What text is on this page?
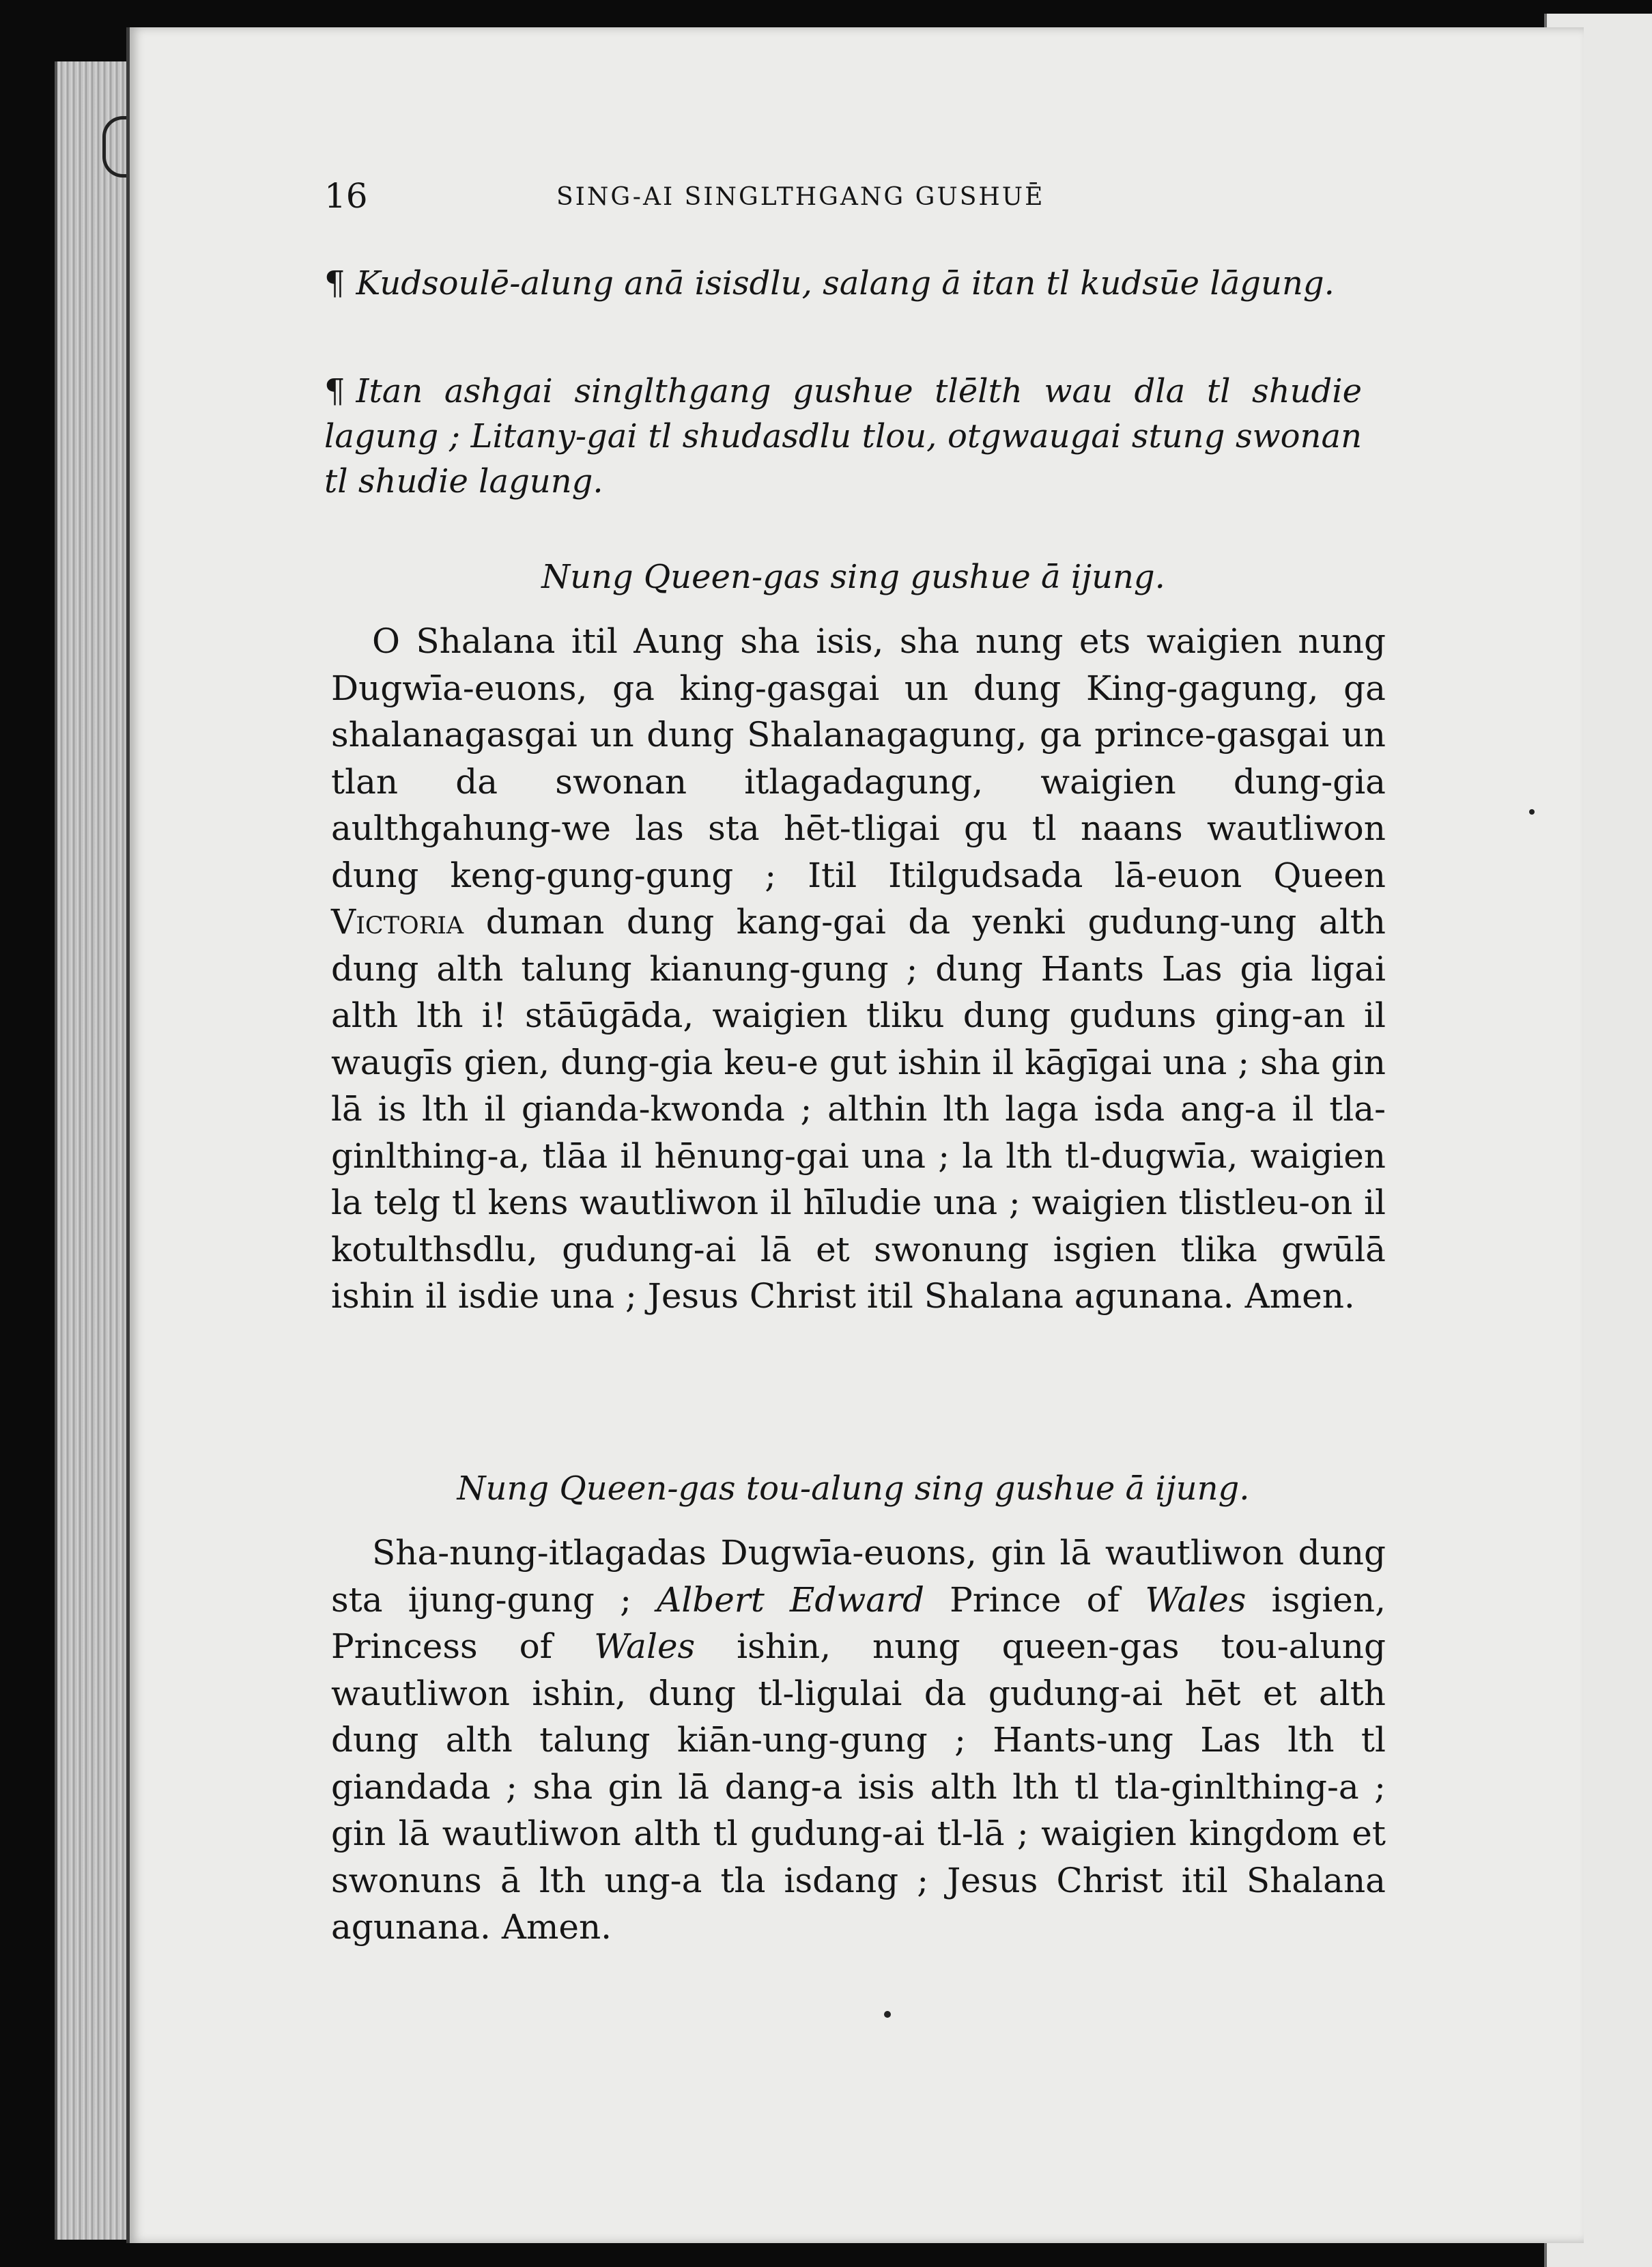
16	SING-AI SINGLTHGANG GUSHUĒ

¶ Kudsoulē-alung anā isisdlu, salang ā itan tl kudsūe lāgung.

¶ Itan ashgai singlthgang gushue tlēlth wau dla tl shudie lagung ; Litany-gai tl shudasdlu tlou, otgwaugai stung swonan tl shudie lagung.

Nung Queen-gas sing gushue ā ijung.

O Shalana itil Aung sha isis, sha nung ets waigien nung Dugwīa-euons, ga king-gasgai un dung King-gagung, ga shalanagasgai un dung Shalanagagung, ga prince-gasgai un tlan da swonan itlagadagung, waigien dung-gia aulthgahung-we las sta hēt-tligai gu tl naans wautliwon dung keng-gung-gung ; Itil Itilgudsada lā-euon Queen Victoria duman dung kang-gai da yenki gudung-ung alth dung alth talung kianung-gung ; dung Hants Las gia ligai alth lth i! stāūgāda, waigien tliku dung guduns ging-an il waugīs gien, dung-gia keu-e gut ishin il kāgīgai una ; sha gin lā is lth il gianda-kwonda ; althin lth laga isda ang-a il tla-ginlthing-a, tlāa il hēnung-gai una ; la lth tl-dugwīa, waigien la telg tl kens wautliwon il hīludie una ; waigien tlistleu-on il kotulthsdlu, gudung-ai lā et swonung isgien tlika gwūlā ishin il isdie una ; Jesus Christ itil Shalana agunana. Amen.

Nung Queen-gas tou-alung sing gushue ā ijung.

Sha-nung-itlagadas Dugwīa-euons, gin lā wautliwon dung sta ijung-gung ; Albert Edward Prince of Wales isgien, Princess of Wales ishin, nung queen-gas tou-alung wautliwon ishin, dung tl-ligulai da gudung-ai hēt et alth dung alth talung kiān-ung-gung ; Hants-ung Las lth tl giandada ; sha gin lā dang-a isis alth lth tl tla-ginlthing-a ; gin lā wautliwon alth tl gudung-ai tl-lā ; waigien kingdom et swonuns ā lth ung-a tla isdang ; Jesus Christ itil Shalana agunana. Amen.
